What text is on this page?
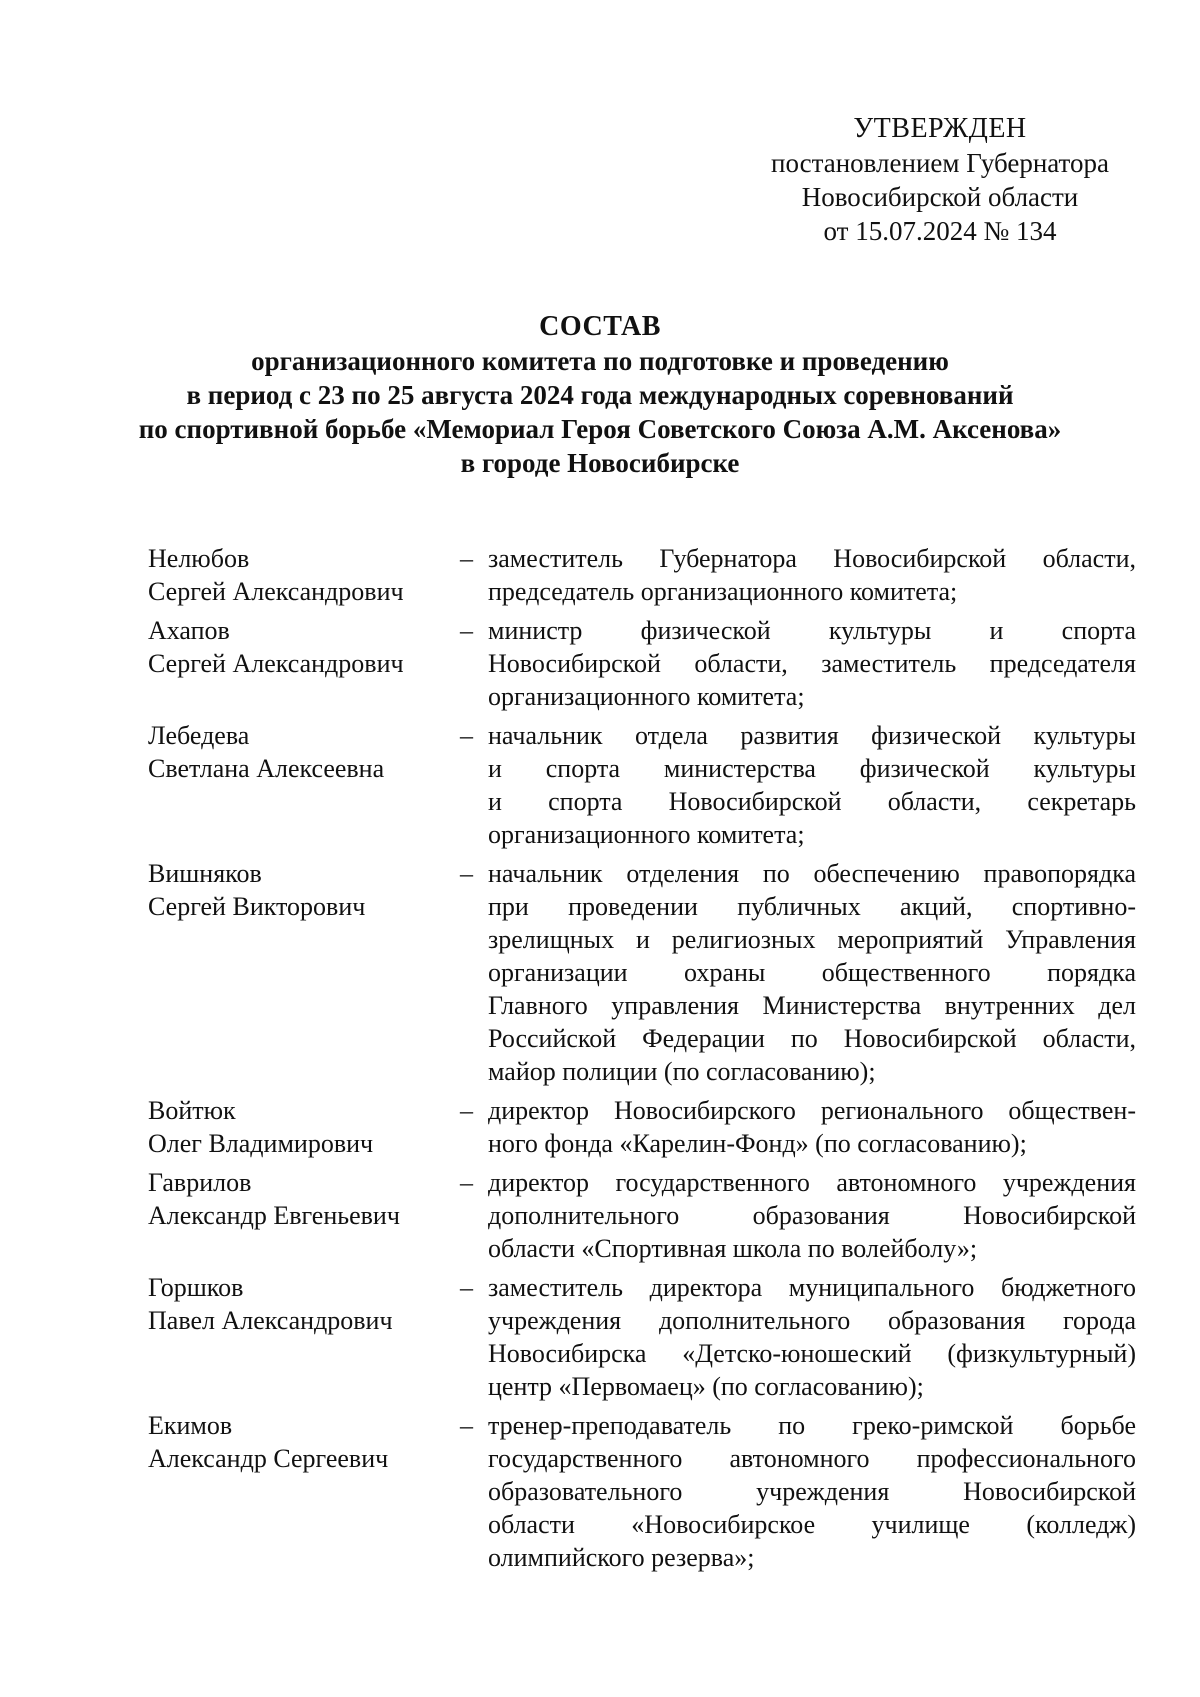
УТВЕРЖДЕН
постановлением Губернатора
Новосибирской области
от 15.07.2024 № 134
СОСТАВ
организационного комитета по подготовке и проведению
в период с 23 по 25 августа 2024 года международных соревнований
по спортивной борьбе «Мемориал Героя Советского Союза А.М. Аксенова»
в городе Новосибирске
Нелюбов
Сергей Александрович
– заместитель Губернатора Новосибирской области,
председатель организационного комитета;
Ахапов
Сергей Александрович
– министр физической культуры и спорта
Новосибирской области, заместитель председателя
организационного комитета;
Лебедева
Светлана Алексеевна
– начальник отдела развития физической культуры
и спорта министерства физической культуры
и спорта Новосибирской области, секретарь
организационного комитета;
Вишняков
Сергей Викторович
– начальник отделения по обеспечению правопорядка
при проведении публичных акций, спортивно-
зрелищных и религиозных мероприятий Управления
организации охраны общественного порядка
Главного управления Министерства внутренних дел
Российской Федерации по Новосибирской области,
майор полиции (по согласованию);
Войтюк
Олег Владимирович
– директор Новосибирского регионального обществен-
ного фонда «Карелин-Фонд» (по согласованию);
Гаврилов
Александр Евгеньевич
– директор государственного автономного учреждения
дополнительного образования Новосибирской
области «Спортивная школа по волейболу»;
Горшков
Павел Александрович
– заместитель директора муниципального бюджетного
учреждения дополнительного образования города
Новосибирска «Детско-юношеский (физкультурный)
центр «Первомаец» (по согласованию);
Екимов
Александр Сергеевич
– тренер-преподаватель по греко-римской борьбе
государственного автономного профессионального
образовательного учреждения Новосибирской
области «Новосибирское училище (колледж)
олимпийского резерва»;
